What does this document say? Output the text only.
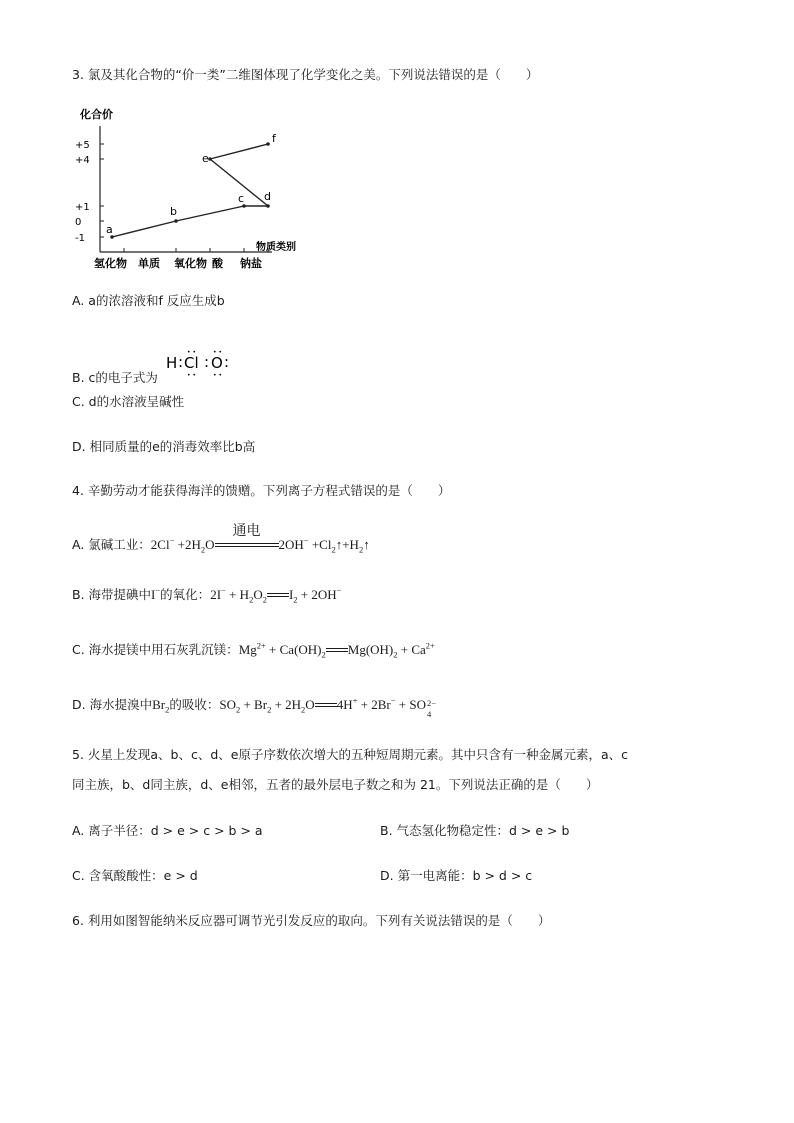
3. 氯及其化合物的“价一类”二维图体现了化学变化之美。下列说法错误的是（　　）
化合价
物质类别
+5
+4
+1
0
-1
氢化物 单质 氧化物 酸 钠盐
a
b
c d
e
f
A. a的浓溶液和f 反应生成b
B. c的电子式为
H : Cl : O
• •
• •
• •
• •
:
C. d的水溶液呈碱性
D. 相同质量的e的消毒效率比b高
4. 辛勤劳动才能获得海洋的馈赠。下列离子方程式错误的是（　　）
A. 氯碱工业：$2Cl^- +2H_2O$
通电
$2OH^- +Cl_2↑+H_2↑$
B. 海带提碘中I−的氧化：$2I^- + H_2O_2$ $I_2 + 2OH^-$
C. 海水提镁中用石灰乳沉镁：$Mg^{2+} + Ca(OH)_2$ $Mg(OH)_2 + Ca^{2+}$
D. 海水提溴中$Br_2$的吸收：$SO_2 + Br_2 + 2H_2O$ 4H+ + 2Br− + SO 2−
4
5. 火星上发现a、b、c、d、e原子序数依次增大的五种短周期元素。其中只含有一种金属元素，a、c
同主族，b、d同主族，d、e相邻，五者的最外层电子数之和为 21。下列说法正确的是（　　）
A. 离子半径：d > e > c > b > a	B. 气态氢化物稳定性：d > e > b
C. 含氧酸酸性：e > d	D. 第一电离能：b > d > c
6. 利用如图智能纳米反应器可调节光引发反应的取向。下列有关说法错误的是（　　）
